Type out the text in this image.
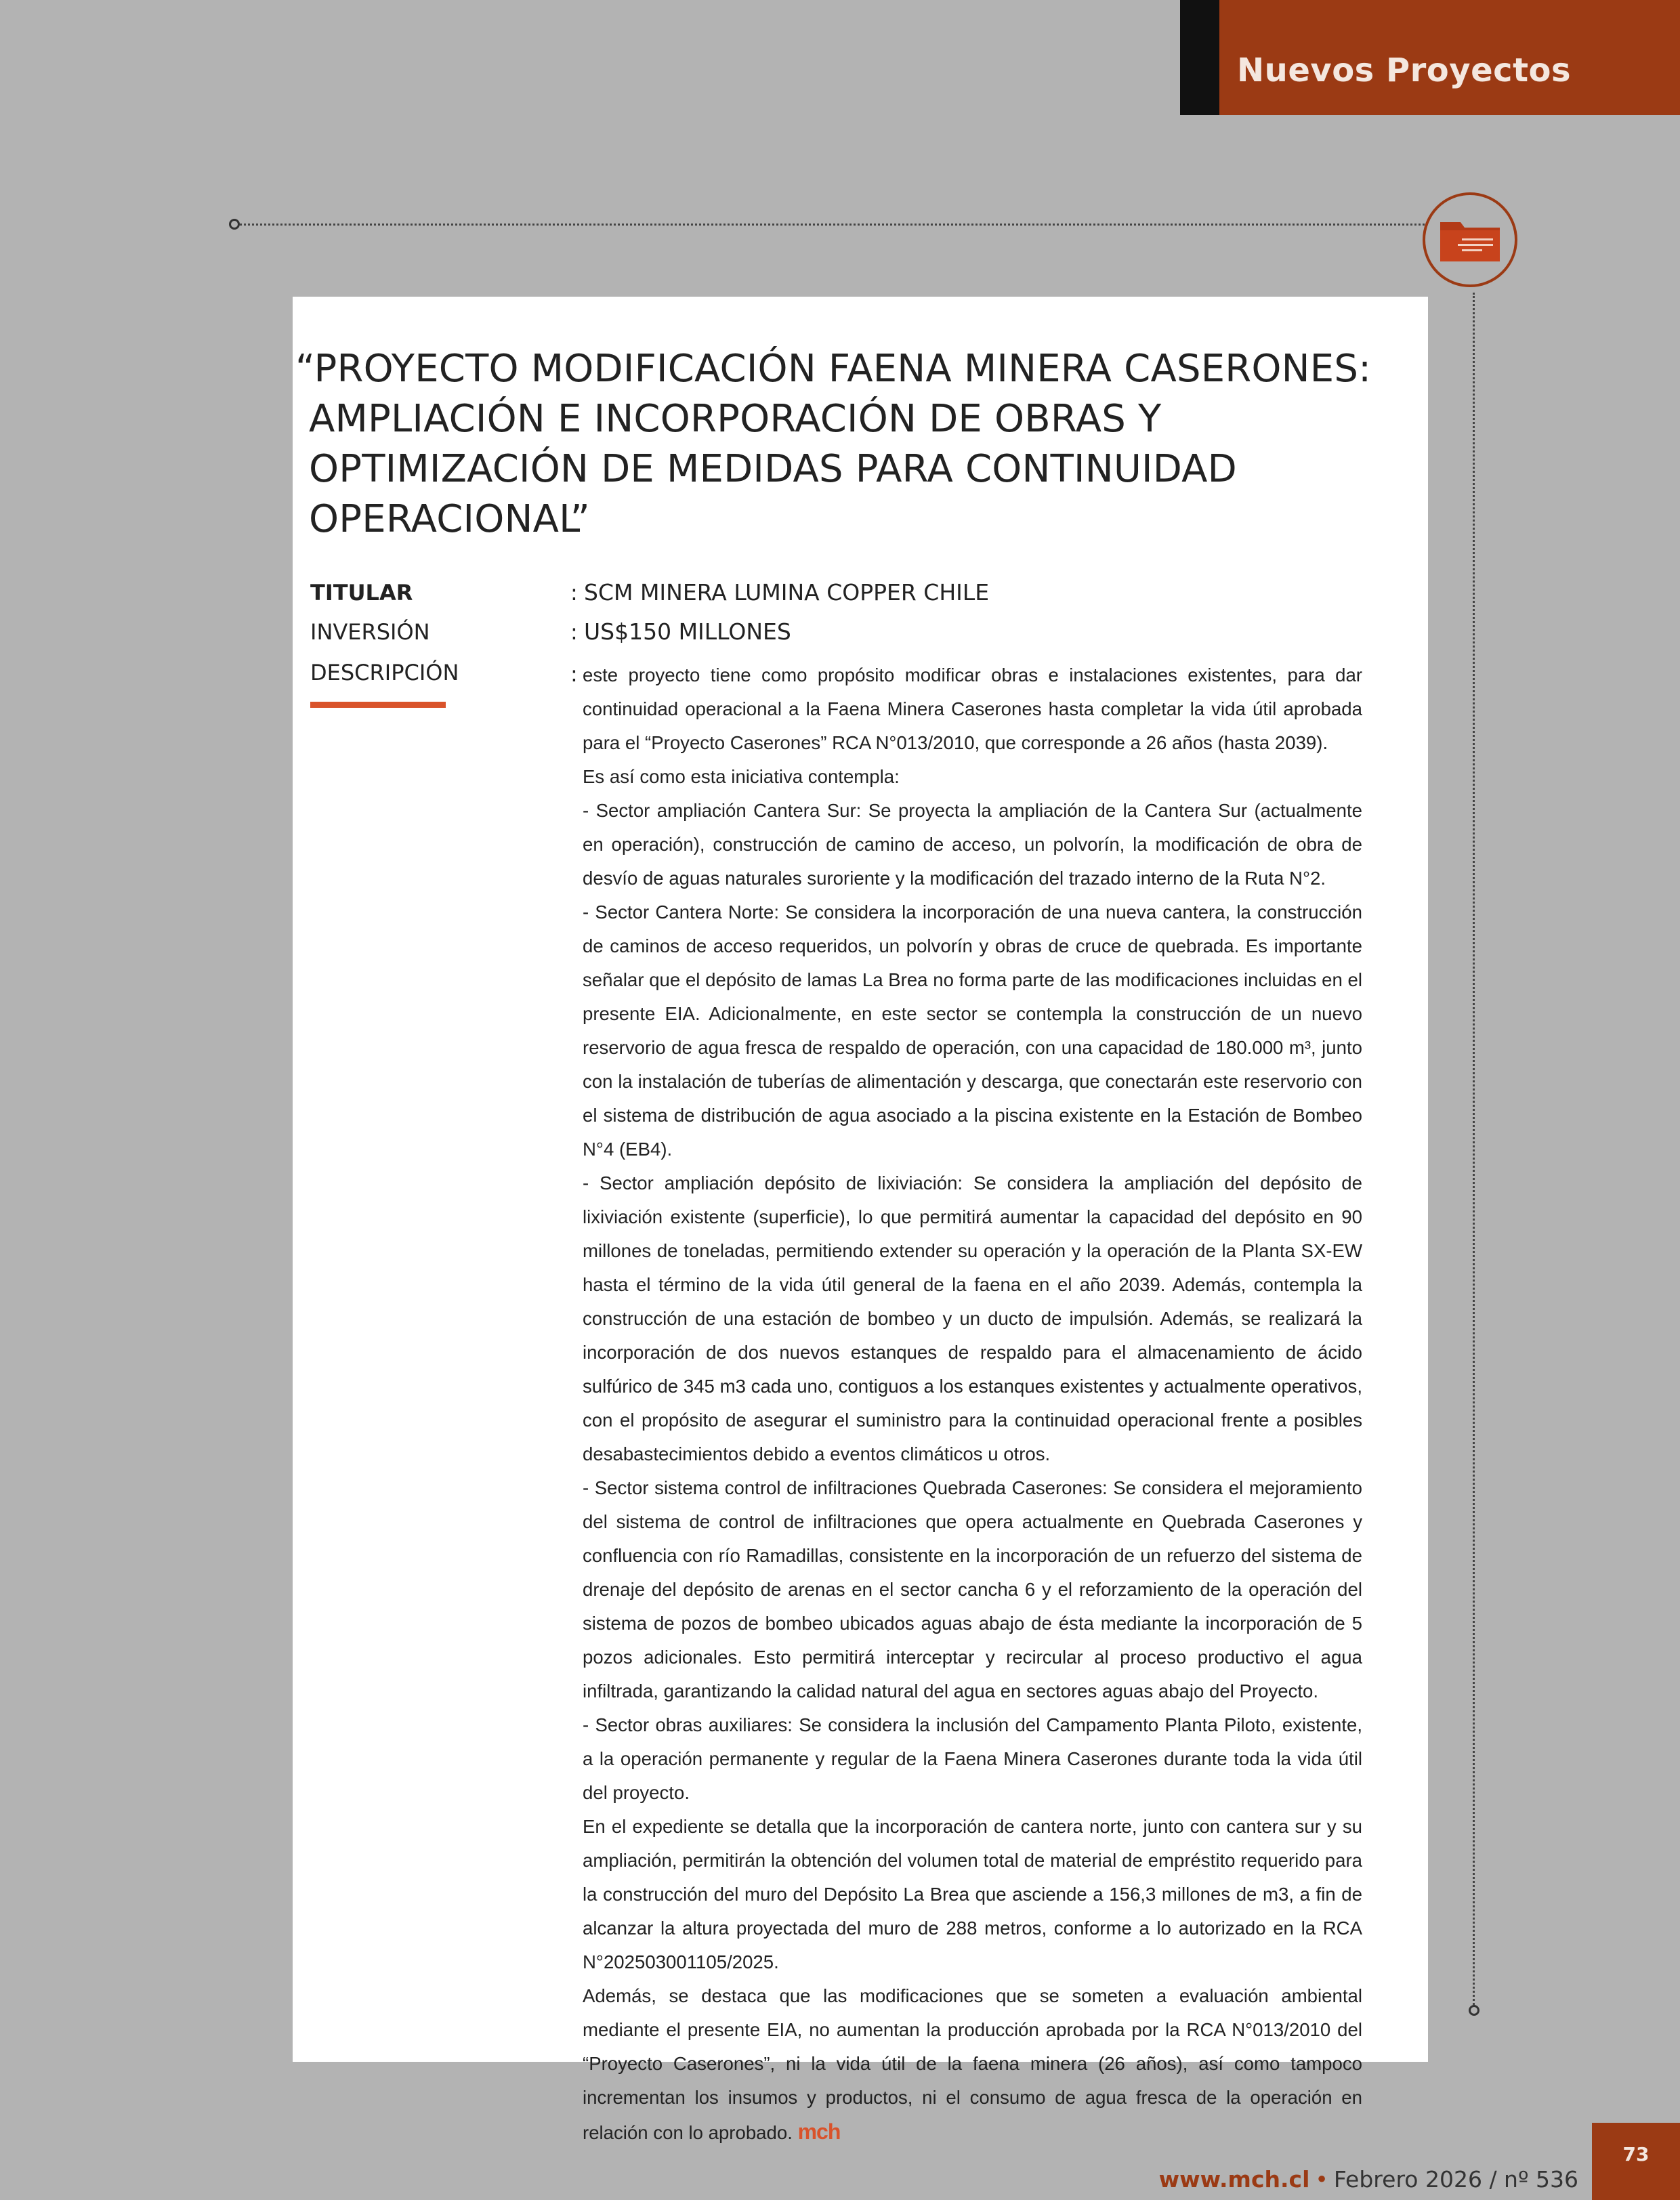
Nuevos Proyectos
“PROYECTO MODIFICACIÓN FAENA MINERA CASERONES:
AMPLIACIÓN E INCORPORACIÓN DE OBRAS Y
OPTIMIZACIÓN DE MEDIDAS PARA CONTINUIDAD
OPERACIONAL”
TITULAR	: SCM MINERA LUMINA COPPER CHILE
INVERSIÓN	: US$150 MILLONES
DESCRIPCIÓN	: este proyecto tiene como propósito modificar obras e instalaciones existentes, para dar continuidad operacional a la Faena Minera Caserones hasta completar la vida útil aprobada para el “Proyecto Caserones” RCA N°013/2010, que corresponde a 26 años (hasta 2039).

Es así como esta iniciativa contempla:

- Sector ampliación Cantera Sur: Se proyecta la ampliación de la Cantera Sur (actualmente en operación), construcción de camino de acceso, un polvorín, la modificación de obra de desvío de aguas naturales suroriente y la modificación del trazado interno de la Ruta N°2.

- Sector Cantera Norte: Se considera la incorporación de una nueva cantera, la construcción de caminos de acceso requeridos, un polvorín y obras de cruce de quebrada. Es importante señalar que el depósito de lamas La Brea no forma parte de las modificaciones incluidas en el presente EIA. Adicionalmente, en este sector se contempla la construcción de un nuevo reservorio de agua fresca de respaldo de operación, con una capacidad de 180.000 m³, junto con la instalación de tuberías de alimentación y descarga, que conectarán este reservorio con el sistema de distribución de agua asociado a la piscina existente en la Estación de Bombeo N°4 (EB4).

- Sector ampliación depósito de lixiviación: Se considera la ampliación del depósito de lixiviación existente (superficie), lo que permitirá aumentar la capacidad del depósito en 90 millones de toneladas, permitiendo extender su operación y la operación de la Planta SX-EW hasta el término de la vida útil general de la faena en el año 2039. Además, contempla la construcción de una estación de bombeo y un ducto de impulsión. Además, se realizará la incorporación de dos nuevos estanques de respaldo para el almacenamiento de ácido sulfúrico de 345 m3 cada uno, contiguos a los estanques existentes y actualmente operativos, con el propósito de asegurar el suministro para la continuidad operacional frente a posibles desabastecimientos debido a eventos climáticos u otros.

- Sector sistema control de infiltraciones Quebrada Caserones: Se considera el mejoramiento del sistema de control de infiltraciones que opera actualmente en Quebrada Caserones y confluencia con río Ramadillas, consistente en la incorporación de un refuerzo del sistema de drenaje del depósito de arenas en el sector cancha 6 y el reforzamiento de la operación del sistema de pozos de bombeo ubicados aguas abajo de ésta mediante la incorporación de 5 pozos adicionales. Esto permitirá interceptar y recircular al proceso productivo el agua infiltrada, garantizando la calidad natural del agua en sectores aguas abajo del Proyecto.

- Sector obras auxiliares: Se considera la inclusión del Campamento Planta Piloto, existente, a la operación permanente y regular de la Faena Minera Caserones durante toda la vida útil del proyecto.

En el expediente se detalla que la incorporación de cantera norte, junto con cantera sur y su ampliación, permitirán la obtención del volumen total de material de empréstito requerido para la construcción del muro del Depósito La Brea que asciende a 156,3 millones de m3, a fin de alcanzar la altura proyectada del muro de 288 metros, conforme a lo autorizado en la RCA N°202503001105/2025.

Además, se destaca que las modificaciones que se someten a evaluación ambiental mediante el presente EIA, no aumentan la producción aprobada por la RCA N°013/2010 del “Proyecto Caserones”, ni la vida útil de la faena minera (26 años), así como tampoco incrementan los insumos y productos, ni el consumo de agua fresca de la operación en relación con lo aprobado. mch

www.mch.cl • Febrero 2026 / nº 536
73
